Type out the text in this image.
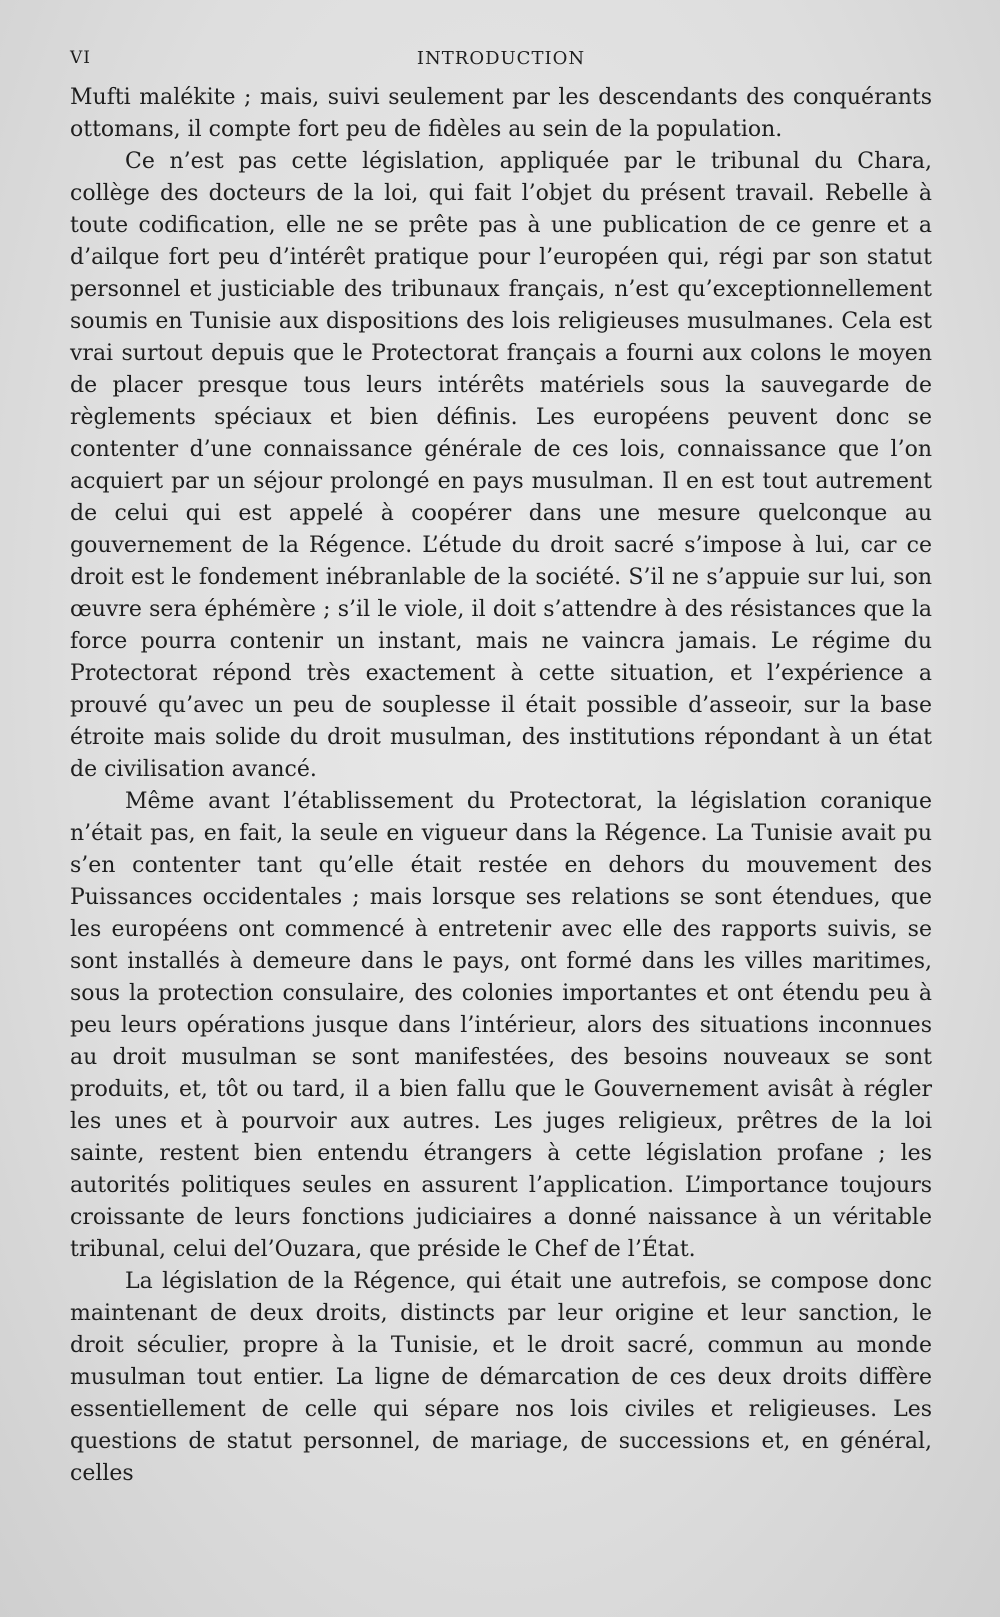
VI	INTRODUCTION

Mufti malékite ; mais, suivi seulement par les descendants des conquérants ottomans, il compte fort peu de fidèles au sein de la population.

Ce n’est pas cette législation, appliquée par le tribunal du Chara, collège des docteurs de la loi, qui fait l’objet du présent travail. Rebelle à toute codification, elle ne se prête pas à une publication de ce genre et a d’ailque fort peu d’intérêt pratique pour l’européen qui, régi par son statut personnel et justiciable des tribunaux français, n’est qu’exceptionnellement soumis en Tunisie aux dispositions des lois religieuses musulmanes. Cela est vrai surtout depuis que le Protectorat français a fourni aux colons le moyen de placer presque tous leurs intérêts matériels sous la sauvegarde de règlements spéciaux et bien définis. Les européens peuvent donc se contenter d’une connaissance générale de ces lois, connaissance que l’on acquiert par un séjour prolongé en pays musulman. Il en est tout autrement de celui qui est appelé à coopérer dans une mesure quelconque au gouvernement de la Régence. L’étude du droit sacré s’impose à lui, car ce droit est le fondement inébranlable de la société. S’il ne s’appuie sur lui, son œuvre sera éphémère ; s’il le viole, il doit s’attendre à des résistances que la force pourra contenir un instant, mais ne vaincra jamais. Le régime du Protectorat répond très exactement à cette situation, et l’expérience a prouvé qu’avec un peu de souplesse il était possible d’asseoir, sur la base étroite mais solide du droit musulman, des institutions répondant à un état de civilisation avancé.

Même avant l’établissement du Protectorat, la législation coranique n’était pas, en fait, la seule en vigueur dans la Régence. La Tunisie avait pu s’en contenter tant qu’elle était restée en dehors du mouvement des Puissances occidentales ; mais lorsque ses relations se sont étendues, que les européens ont commencé à entretenir avec elle des rapports suivis, se sont installés à demeure dans le pays, ont formé dans les villes maritimes, sous la protection consulaire, des colonies importantes et ont étendu peu à peu leurs opérations jusque dans l’intérieur, alors des situations inconnues au droit musulman se sont manifestées, des besoins nouveaux se sont produits, et, tôt ou tard, il a bien fallu que le Gouvernement avisât à régler les unes et à pourvoir aux autres. Les juges religieux, prêtres de la loi sainte, restent bien entendu étrangers à cette législation profane ; les autorités politiques seules en assurent l’application. L’importance toujours croissante de leurs fonctions judiciaires a donné naissance à un véritable tribunal, celui del’Ouzara, que préside le Chef de l’État.

La législation de la Régence, qui était une autrefois, se compose donc maintenant de deux droits, distincts par leur origine et leur sanction, le droit séculier, propre à la Tunisie, et le droit sacré, commun au monde musulman tout entier. La ligne de démarcation de ces deux droits diffère essentiellement de celle qui sépare nos lois civiles et religieuses. Les questions de statut personnel, de mariage, de successions et, en général, celles
